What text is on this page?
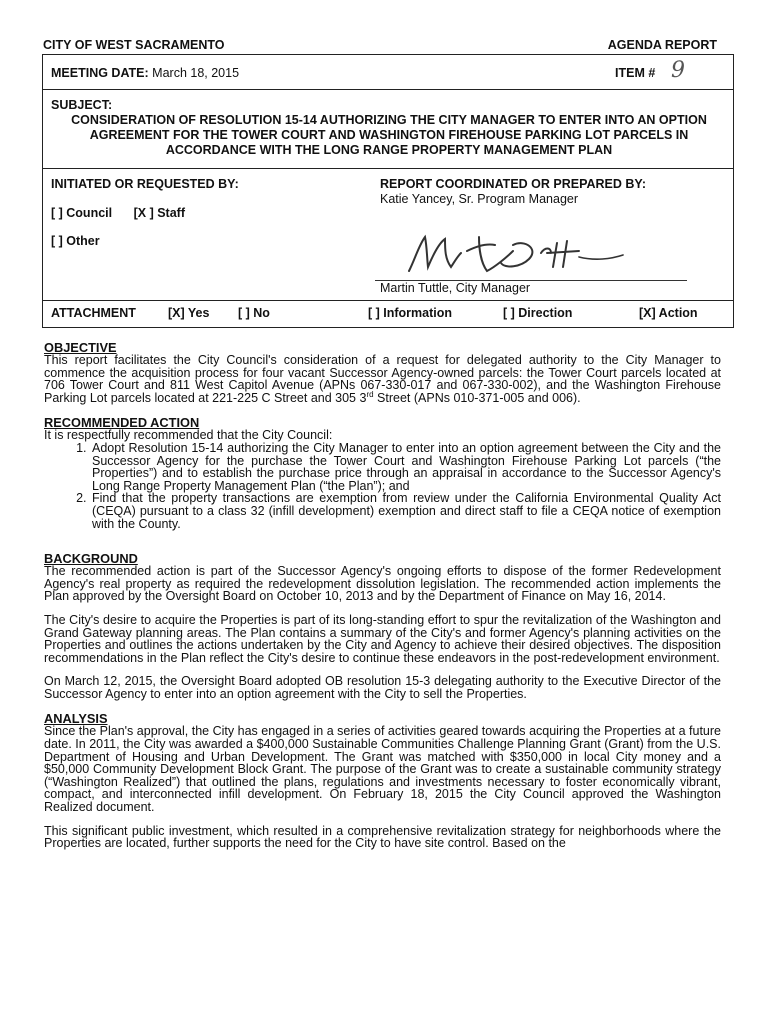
CITY OF WEST SACRAMENTO	AGENDA REPORT
MEETING DATE: March 18, 2015	ITEM # 9
SUBJECT:
CONSIDERATION OF RESOLUTION 15-14 AUTHORIZING THE CITY MANAGER TO ENTER INTO AN OPTION AGREEMENT FOR THE TOWER COURT AND WASHINGTON FIREHOUSE PARKING LOT PARCELS IN ACCORDANCE WITH THE LONG RANGE PROPERTY MANAGEMENT PLAN
INITIATED OR REQUESTED BY:
[ ] Council [X ] Staff
[ ] Other
REPORT COORDINATED OR PREPARED BY:
Katie Yancey, Sr. Program Manager
Martin Tuttle, City Manager
ATTACHMENT	[X] Yes [ ] No	[ ] Information	[ ] Direction	[X] Action
OBJECTIVE

This report facilitates the City Council's consideration of a request for delegated authority to the City Manager to commence the acquisition process for four vacant Successor Agency-owned parcels: the Tower Court parcels located at 706 Tower Court and 811 West Capitol Avenue (APNs 067-330-017 and 067-330-002), and the Washington Firehouse Parking Lot parcels located at 221-225 C Street and 305 3rd Street (APNs 010-371-005 and 006).

RECOMMENDED ACTION

It is respectfully recommended that the City Council:

1. Adopt Resolution 15-14 authorizing the City Manager to enter into an option agreement between the City and the Successor Agency for the purchase the Tower Court and Washington Firehouse Parking Lot parcels (“the Properties”) and to establish the purchase price through an appraisal in accordance to the Successor Agency's Long Range Property Management Plan (“the Plan”); and
2. Find that the property transactions are exemption from review under the California Environmental Quality Act (CEQA) pursuant to a class 32 (infill development) exemption and direct staff to file a CEQA notice of exemption with the County.
BACKGROUND

The recommended action is part of the Successor Agency's ongoing efforts to dispose of the former Redevelopment Agency's real property as required the redevelopment dissolution legislation. The recommended action implements the Plan approved by the Oversight Board on October 10, 2013 and by the Department of Finance on May 16, 2014.

The City's desire to acquire the Properties is part of its long-standing effort to spur the revitalization of the Washington and Grand Gateway planning areas. The Plan contains a summary of the City's and former Agency's planning activities on the Properties and outlines the actions undertaken by the City and Agency to achieve their desired objectives. The disposition recommendations in the Plan reflect the City's desire to continue these endeavors in the post-redevelopment environment.

On March 12, 2015, the Oversight Board adopted OB resolution 15-3 delegating authority to the Executive Director of the Successor Agency to enter into an option agreement with the City to sell the Properties.

ANALYSIS

Since the Plan's approval, the City has engaged in a series of activities geared towards acquiring the Properties at a future date. In 2011, the City was awarded a $400,000 Sustainable Communities Challenge Planning Grant (Grant) from the U.S. Department of Housing and Urban Development. The Grant was matched with $350,000 in local City money and a $50,000 Community Development Block Grant. The purpose of the Grant was to create a sustainable community strategy (“Washington Realized”) that outlined the plans, regulations and investments necessary to foster economically vibrant, compact, and interconnected infill development. On February 18, 2015 the City Council approved the Washington Realized document.

This significant public investment, which resulted in a comprehensive revitalization strategy for neighborhoods where the Properties are located, further supports the need for the City to have site control. Based on the
